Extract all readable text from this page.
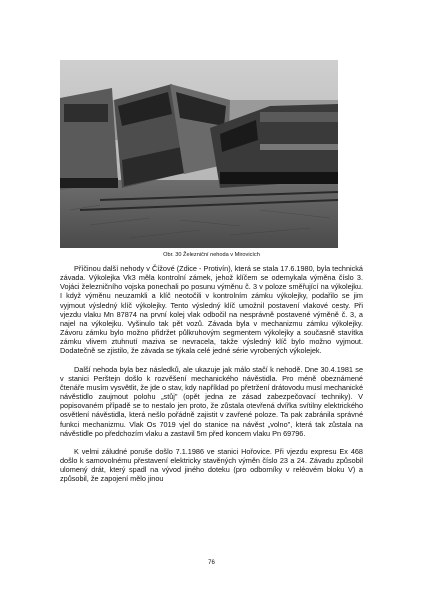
Obr. 30 Železniční nehoda v Mirovicích

Příčinou další nehody v Čížové (Zdice - Protivín), která se stala 17.6.1980, byla technická závada. Výkolejka Vk3 měla kontrolní zámek, jehož klíčem se odemykala výměna číslo 3. Vojáci železničního vojska ponechali po posunu výměnu č. 3 v poloze směřující na výkolejku. I když výměnu neuzamkli a klíč neotočili v kontrolním zámku výkolejky, podařilo se jim vyjmout výsledný klíč výkolejky. Tento výsledný klíč umožnil postavení vlakové cesty. Při vjezdu vlaku Mn 87874 na první kolej vlak odbočil na nesprávně postavené výměně č. 3, a najel na výkolejku. Vyšinulo tak pět vozů. Závada byla v mechanizmu zámku výkolejky. Závoru zámku bylo možno přidržet půlkruhovým segmentem výkolejky a současně stavítka zámku vlivem ztuhnutí maziva se nevracela, takže výsledný klíč bylo možno vyjmout. Dodatečně se zjistilo, že závada se týkala celé jedné série vyrobených výkolejek.

Další nehoda byla bez následků, ale ukazuje jak málo stačí k nehodě. Dne 30.4.1981 se v stanici Peršteјn došlo k rozvěšení mechanického návěstidla. Pro méně obeznámené čtenáře musím vysvětlit, že jde o stav, kdy například po přetržení drátovodu musí mechanické návěstidlo zaujmout polohu „stůj" (opět jedna ze zásad zabezpečovací techniky). V popisovaném případě se to nestalo jen proto, že zůstala otevřená dvířka svítilny elektrického osvětlení návěstidla, která nešlo pořádně zajistit v zavřené poloze. Ta pak zabránila správné funkci mechanizmu. Vlak Os 7019 vjel do stanice na návěst „volno", která tak zůstala na návěstidle po předchozím vlaku a zastavil 5m před koncem vlaku Pn 69796.

K velmi záludné poruše došlo 7.1.1986 ve stanici Hořovice. Při vjezdu expresu Ex 468 došlo k samovolnému přestavení elektricky stavěných výměn číslo 23 a 24. Závadu způsobil ulomený drát, který spadl na vývod jiného doteku (pro odborníky v reléovém bloku V) a způsobil, že zapojení mělo jinou

76
